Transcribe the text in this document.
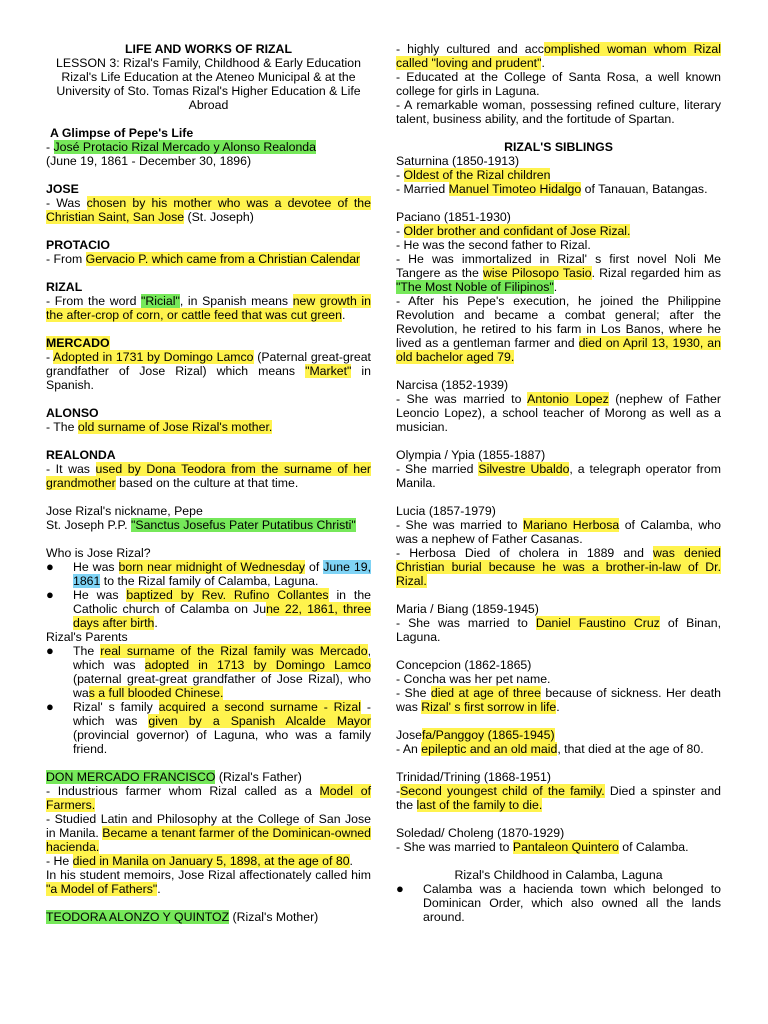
LIFE AND WORKS OF RIZAL

LESSON 3: Rizal's Family, Childhood & Early Education

Rizal's Life Education at the Ateneo Municipal & at the

University of Sto. Tomas Rizal's Higher Education & Life

Abroad

A Glimpse of Pepe's Life

- José Protacio Rizal Mercado y Alonso Realonda

(June 19, 1861 - December 30, 1896)

JOSE

- Was chosen by his mother who was a devotee of the Christian Saint, San Jose (St. Joseph)

PROTACIO

- From Gervacio P. which came from a Christian Calendar

RIZAL

- From the word "Ricial", in Spanish means new growth in the after-crop of corn, or cattle feed that was cut green.

MERCADO

- Adopted in 1731 by Domingo Lamco (Paternal great-great grandfather of Jose Rizal) which means "Market" in Spanish.

ALONSO

- The old surname of Jose Rizal's mother.

REALONDA

- It was used by Dona Teodora from the surname of her grandmother based on the culture at that time.

Jose Rizal's nickname, Pepe

St. Joseph P.P. "Sanctus Josefus Pater Putatibus Christi"

Who is Jose Rizal?

● He was born near midnight of Wednesday of June 19, 1861 to the Rizal family of Calamba, Laguna.
● He was baptized by Rev. Rufino Collantes in the Catholic church of Calamba on June 22, 1861, three days after birth.

Rizal's Parents

● The real surname of the Rizal family was Mercado, which was adopted in 1713 by Domingo Lamco (paternal great-great grandfather of Jose Rizal), who was a full blooded Chinese.
● Rizal' s family acquired a second surname - Rizal - which was given by a Spanish Alcalde Mayor (provincial governor) of Laguna, who was a family friend.

DON MERCADO FRANCISCO (Rizal's Father)

- Industrious farmer whom Rizal called as a Model of Farmers.

- Studied Latin and Philosophy at the College of San Jose in Manila. Became a tenant farmer of the Dominican-owned hacienda.

- He died in Manila on January 5, 1898, at the age of 80.

In his student memoirs, Jose Rizal affectionately called him "a Model of Fathers".

TEODORA ALONZO Y QUINTOZ (Rizal's Mother)

- highly cultured and accomplished woman whom Rizal called "loving and prudent".

- Educated at the College of Santa Rosa, a well known college for girls in Laguna.

- A remarkable woman, possessing refined culture, literary talent, business ability, and the fortitude of Spartan.

RIZAL'S SIBLINGS

Saturnina (1850-1913)

- Oldest of the Rizal children

- Married Manuel Timoteo Hidalgo of Tanauan, Batangas.

Paciano (1851-1930)

- Older brother and confidant of Jose Rizal.

- He was the second father to Rizal.

- He was immortalized in Rizal' s first novel Noli Me Tangere as the wise Pilosopo Tasio. Rizal regarded him as "The Most Noble of Filipinos".

- After his Pepe's execution, he joined the Philippine Revolution and became a combat general; after the Revolution, he retired to his farm in Los Banos, where he lived as a gentleman farmer and died on April 13, 1930, an old bachelor aged 79.

Narcisa (1852-1939)

- She was married to Antonio Lopez (nephew of Father Leoncio Lopez), a school teacher of Morong as well as a musician.

Olympia / Ypia (1855-1887)

- She married Silvestre Ubaldo, a telegraph operator from Manila.

Lucia (1857-1979)

- She was married to Mariano Herbosa of Calamba, who was a nephew of Father Casanas.

- Herbosa Died of cholera in 1889 and was denied Christian burial because he was a brother-in-law of Dr. Rizal.

Maria / Biang (1859-1945)

- She was married to Daniel Faustino Cruz of Binan, Laguna.

Concepcion (1862-1865)

- Concha was her pet name.

- She died at age of three because of sickness. Her death was Rizal' s first sorrow in life.

Josefa/Panggoy (1865-1945)

- An epileptic and an old maid, that died at the age of 80.

Trinidad/Trining (1868-1951)

-Second youngest child of the family. Died a spinster and the last of the family to die.

Soledad/ Choleng (1870-1929)

- She was married to Pantaleon Quintero of Calamba.

Rizal's Childhood in Calamba, Laguna

● Calamba was a hacienda town which belonged to Dominican Order, which also owned all the lands around.
